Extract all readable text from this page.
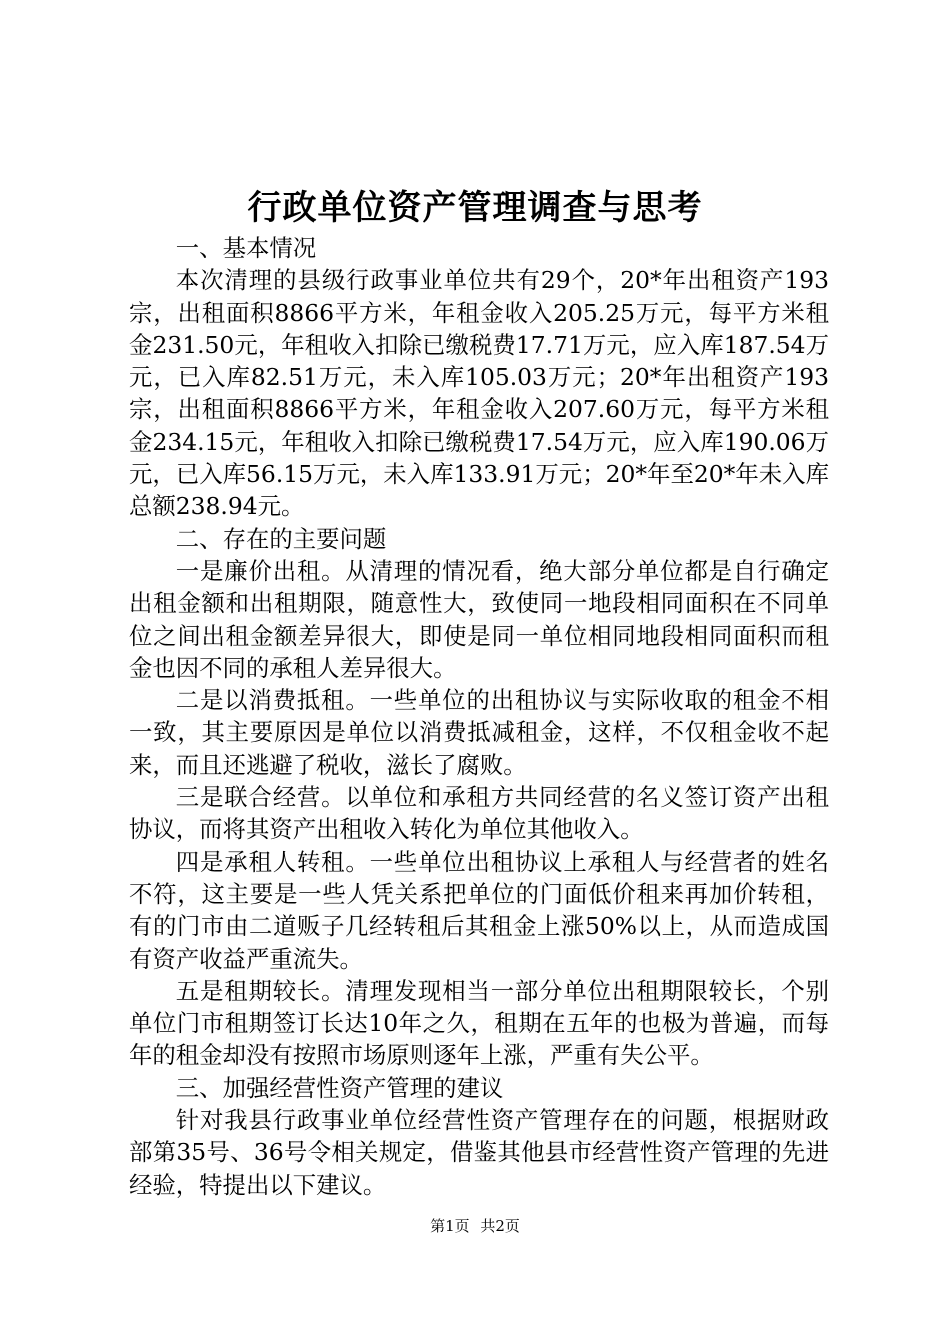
行政单位资产管理调查与思考

一、基本情况

本次清理的县级行政事业单位共有29个，20*年出租资产193宗，出租面积8866平方米，年租金收入205.25万元，每平方米租金231.50元，年租收入扣除已缴税费17.71万元，应入库187.54万元，已入库82.51万元，未入库105.03万元；20*年出租资产193宗，出租面积8866平方米，年租金收入207.60万元，每平方米租金234.15元，年租收入扣除已缴税费17.54万元，应入库190.06万元，已入库56.15万元，未入库133.91万元；20*年至20*年未入库总额238.94元。

二、存在的主要问题

一是廉价出租。从清理的情况看，绝大部分单位都是自行确定出租金额和出租期限，随意性大，致使同一地段相同面积在不同单位之间出租金额差异很大，即使是同一单位相同地段相同面积而租金也因不同的承租人差异很大。

二是以消费抵租。一些单位的出租协议与实际收取的租金不相一致，其主要原因是单位以消费抵减租金，这样，不仅租金收不起来，而且还逃避了税收，滋长了腐败。

三是联合经营。以单位和承租方共同经营的名义签订资产出租协议，而将其资产出租收入转化为单位其他收入。

四是承租人转租。一些单位出租协议上承租人与经营者的姓名不符，这主要是一些人凭关系把单位的门面低价租来再加价转租，有的门市由二道贩子几经转租后其租金上涨50%以上，从而造成国有资产收益严重流失。

五是租期较长。清理发现相当一部分单位出租期限较长，个别单位门市租期签订长达10年之久，租期在五年的也极为普遍，而每年的租金却没有按照市场原则逐年上涨，严重有失公平。

三、加强经营性资产管理的建议

针对我县行政事业单位经营性资产管理存在的问题，根据财政部第35号、36号令相关规定，借鉴其他县市经营性资产管理的先进经验，特提出以下建议。

第1页 共2页
